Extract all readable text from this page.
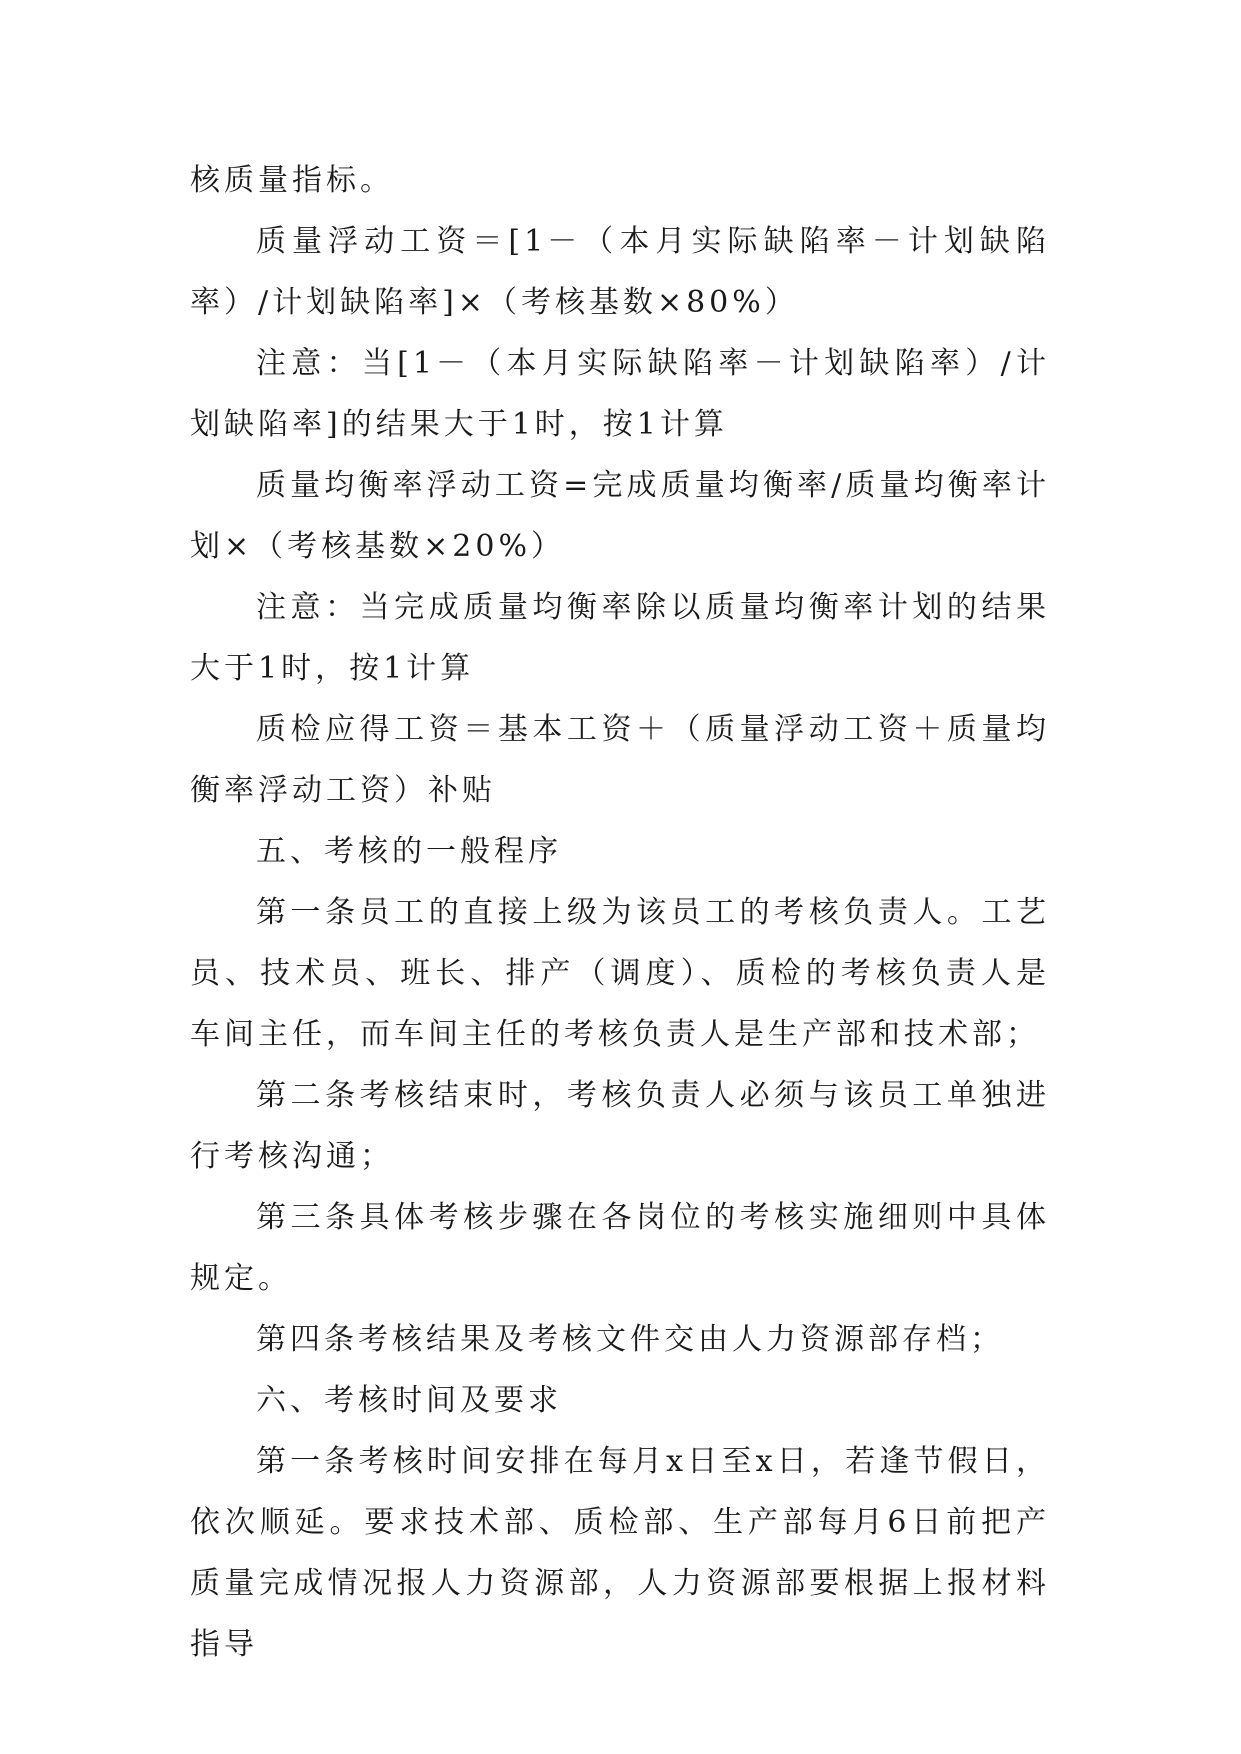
核质量指标。

质量浮动工资＝[1－（本月实际缺陷率－计划缺陷率）/计划缺陷率]×（考核基数×80%）

注意：当[1－（本月实际缺陷率－计划缺陷率）/计划缺陷率]的结果大于1时，按1计算

质量均衡率浮动工资=完成质量均衡率/质量均衡率计划×（考核基数×20%）

注意：当完成质量均衡率除以质量均衡率计划的结果大于1时，按1计算

质检应得工资＝基本工资＋（质量浮动工资＋质量均衡率浮动工资）补贴

五、考核的一般程序

第一条员工的直接上级为该员工的考核负责人。工艺员、技术员、班长、排产（调度）、质检的考核负责人是车间主任，而车间主任的考核负责人是生产部和技术部；

第二条考核结束时，考核负责人必须与该员工单独进行考核沟通；

第三条具体考核步骤在各岗位的考核实施细则中具体规定。

第四条考核结果及考核文件交由人力资源部存档；

六、考核时间及要求

第一条考核时间安排在每月x日至x日，若逢节假日，依次顺延。要求技术部、质检部、生产部每月6日前把产质量完成情况报人力资源部，人力资源部要根据上报材料指导
